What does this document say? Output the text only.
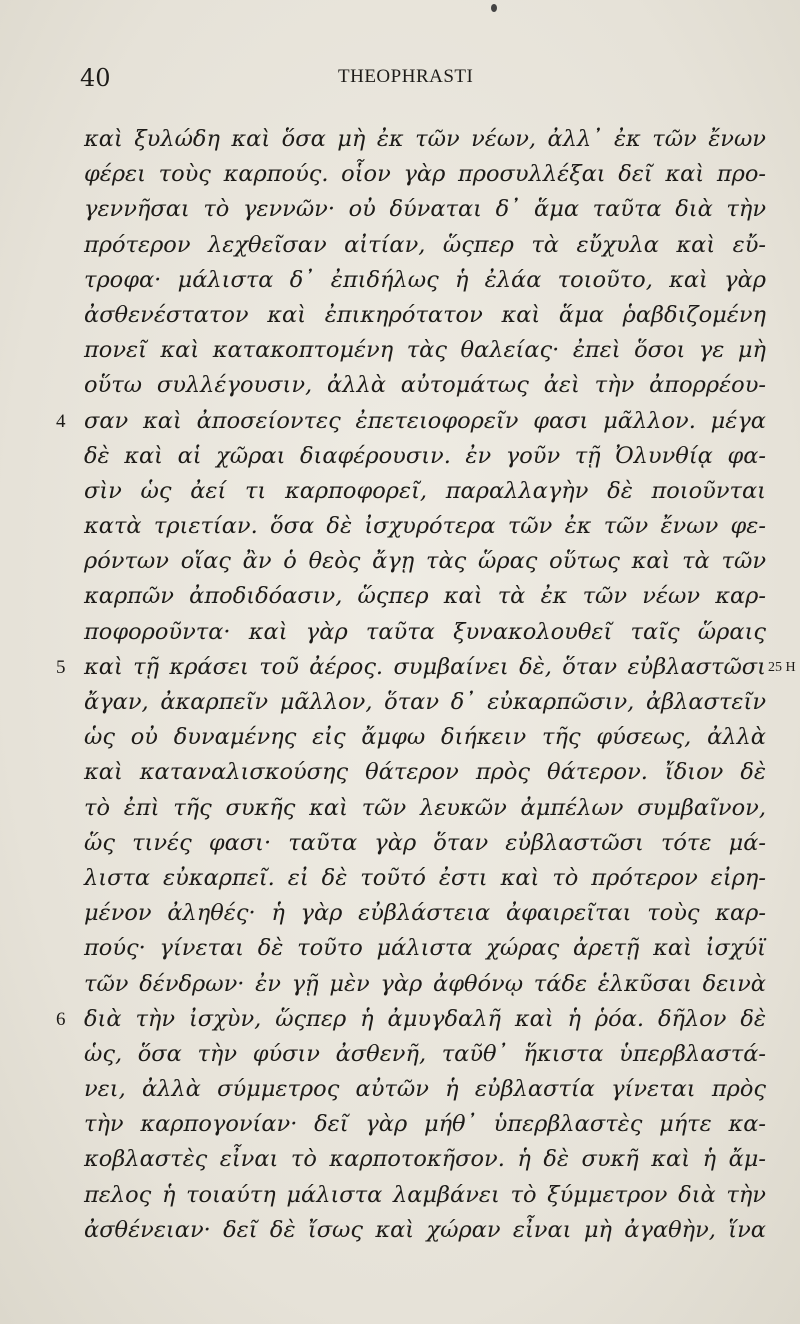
40	THEOPHRASTI
καὶ ξυλώδη καὶ ὅσα μὴ ἐκ τῶν νέων, ἀλλ᾽ ἐκ τῶν ἔνων
φέρει τοὺς καρπούς. οἷον γὰρ προσυλλέξαι δεῖ καὶ προ-
γεννῆσαι τὸ γεννῶν· οὐ δύναται δ᾽ ἅμα ταῦτα διὰ τὴν
πρότερον λεχθεῖσαν αἰτίαν, ὥςπερ τὰ εὔχυλα καὶ εὔ-
τροφα· μάλιστα δ᾽ ἐπιδήλως ἡ ἐλάα τοιοῦτο, καὶ γὰρ
ἀσθενέστατον καὶ ἐπικηρότατον καὶ ἅμα ῥαβδιζομένη
πονεῖ καὶ κατακοπτομένη τὰς θαλείας· ἐπεὶ ὅσοι γε μὴ
οὕτω συλλέγουσιν, ἀλλὰ αὐτομάτως ἀεὶ τὴν ἀπορρέου-
4 σαν καὶ ἀποσείοντες ἐπετειοφορεῖν φασι μᾶλλον. μέγα
δὲ καὶ αἱ χῶραι διαφέρουσιν. ἐν γοῦν τῇ Ὀλυνθίᾳ φα-
σὶν ὡς ἀεί τι καρποφορεῖ, παραλλαγὴν δὲ ποιοῦνται
κατὰ τριετίαν. ὅσα δὲ ἰσχυρότερα τῶν ἐκ τῶν ἔνων φε-
ρόντων οἵας ἂν ὁ θεὸς ἄγῃ τὰς ὥρας οὕτως καὶ τὰ τῶν
καρπῶν ἀποδιδόασιν, ὥςπερ καὶ τὰ ἐκ τῶν νέων καρ-
ποφοροῦντα· καὶ γὰρ ταῦτα ξυνακολουθεῖ ταῖς ὥραις
5 καὶ τῇ κράσει τοῦ ἀέρος. συμβαίνει δὲ, ὅταν εὐβλαστῶσι 25 H
ἄγαν, ἀκαρπεῖν μᾶλλον, ὅταν δ᾽ εὐκαρπῶσιν, ἀβλαστεῖν
ὡς οὐ δυναμένης εἰς ἄμφω διήκειν τῆς φύσεως, ἀλλὰ
καὶ καταναλισκούσης θάτερον πρὸς θάτερον. ἴδιον δὲ
τὸ ἐπὶ τῆς συκῆς καὶ τῶν λευκῶν ἀμπέλων συμβαῖνον,
ὥς τινές φασι· ταῦτα γὰρ ὅταν εὐβλαστῶσι τότε μά-
λιστα εὐκαρπεῖ. εἰ δὲ τοῦτό ἐστι καὶ τὸ πρότερον εἰρη-
μένον ἀληθές· ἡ γὰρ εὐβλάστεια ἀφαιρεῖται τοὺς καρ-
πούς· γίνεται δὲ τοῦτο μάλιστα χώρας ἀρετῇ καὶ ἰσχύϊ
τῶν δένδρων· ἐν γῇ μὲν γὰρ ἀφθόνῳ τάδε ἑλκῦσαι δεινὰ
6 διὰ τὴν ἰσχὺν, ὥςπερ ἡ ἀμυγδαλῆ καὶ ἡ ῥόα. δῆλον δὲ
ὡς, ὅσα τὴν φύσιν ἀσθενῆ, ταῦθ᾽ ἥκιστα ὑπερβλαστά-
νει, ἀλλὰ σύμμετρος αὐτῶν ἡ εὐβλαστία γίνεται πρὸς
τὴν καρπογονίαν· δεῖ γὰρ μήθ᾽ ὑπερβλαστὲς μήτε κα-
κοβλαστὲς εἶναι τὸ καρποτοκῆσον. ἡ δὲ συκῆ καὶ ἡ ἄμ-
πελος ἡ τοιαύτη μάλιστα λαμβάνει τὸ ξύμμετρον διὰ τὴν
ἀσθένειαν· δεῖ δὲ ἴσως καὶ χώραν εἶναι μὴ ἀγαθὴν, ἵνα
